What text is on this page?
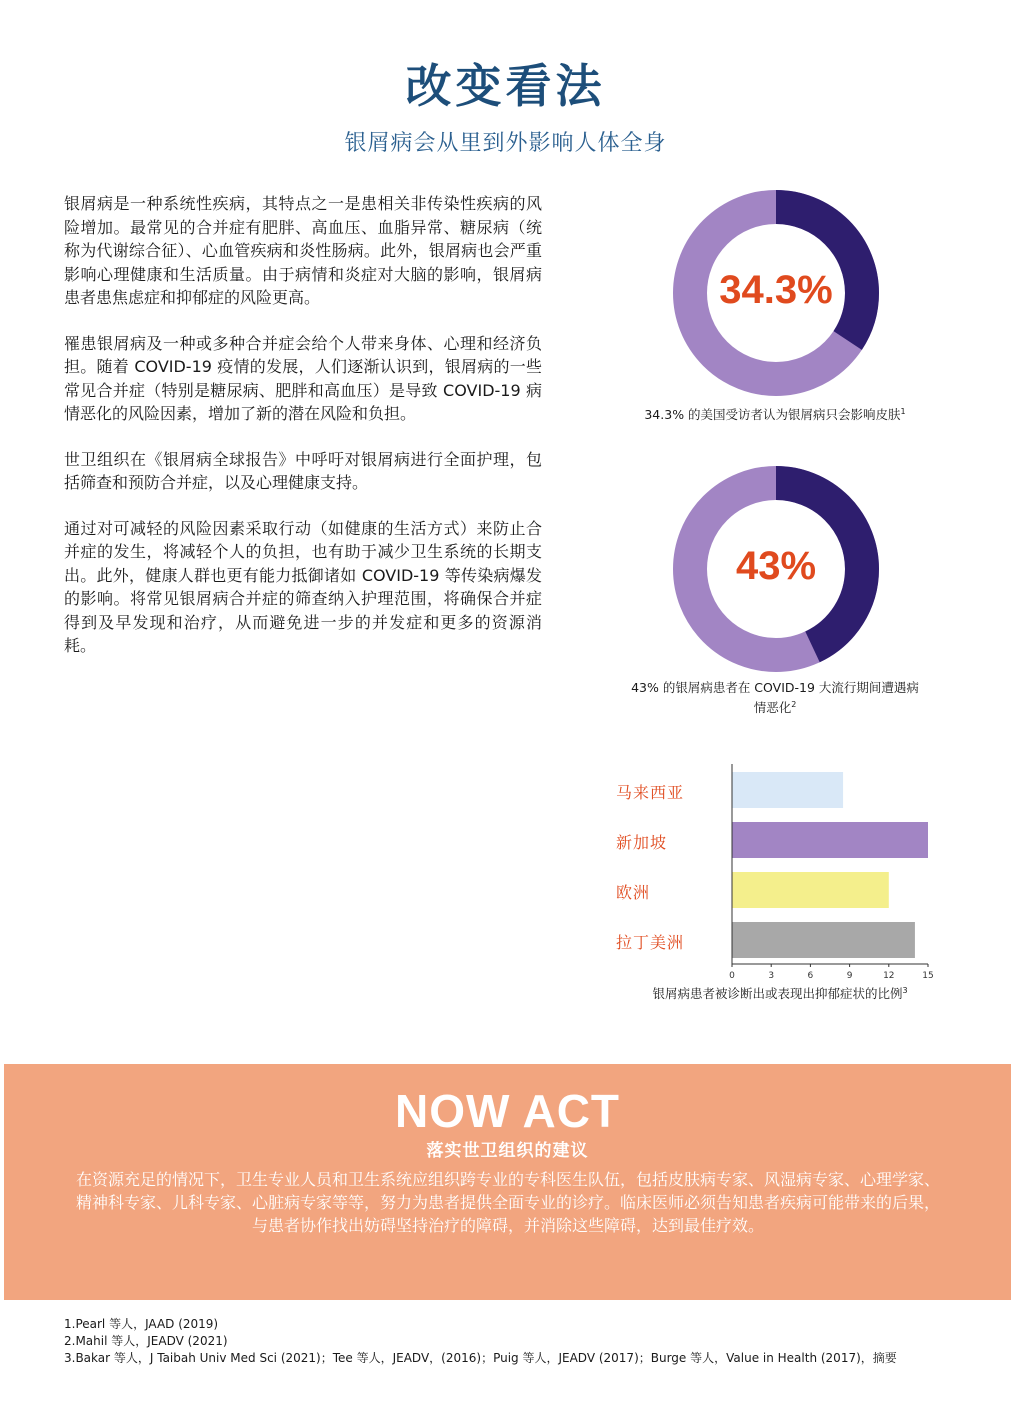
改变看法
银屑病会从里到外影响人体全身

银屑病是一种系统性疾病，其特点之一是患相关非传染性疾病的风险增加。最常见的合并症有肥胖、高血压、血脂异常、糖尿病（统称为代谢综合征）、心血管疾病和炎性肠病。此外，银屑病也会严重影响心理健康和生活质量。由于病情和炎症对大脑的影响，银屑病患者患焦虑症和抑郁症的风险更高。

罹患银屑病及一种或多种合并症会给个人带来身体、心理和经济负担。随着 COVID-19 疫情的发展，人们逐渐认识到，银屑病的一些常见合并症（特别是糖尿病、肥胖和高血压）是导致 COVID-19 病情恶化的风险因素，增加了新的潜在风险和负担。

世卫组织在《银屑病全球报告》中呼吁对银屑病进行全面护理，包括筛查和预防合并症，以及心理健康支持。

通过对可减轻的风险因素采取行动（如健康的生活方式）来防止合并症的发生，将减轻个人的负担，也有助于减少卫生系统的长期支出。此外，健康人群也更有能力抵御诸如 COVID-19 等传染病爆发的影响。将常见银屑病合并症的筛查纳入护理范围，将确保合并症得到及早发现和治疗，从而避免进一步的并发症和更多的资源消耗。

34.3%
34.3% 的美国受访者认为银屑病只会影响皮肤$^1$
43%
43% 的银屑病患者在 COVID-19 大流行期间遭遇病
情恶化$^2$
马来西亚
新加坡
欧洲
拉丁美洲
0	3	6	9	12	15
银屑病患者被诊断出或表现出抑郁症状的比例$^3$
NOW ACT
落实世卫组织的建议
在资源充足的情况下，卫生专业人员和卫生系统应组织跨专业的专科医生队伍，包括皮肤病专家、风湿病专家、心理学家、精神科专家、儿科专家、心脏病专家等等，努力为患者提供全面专业的诊疗。临床医师必须告知患者疾病可能带来的后果，与患者协作找出妨碍坚持治疗的障碍，并消除这些障碍，达到最佳疗效。
1.Pearl 等人，JAAD (2019)
2.Mahil 等人，JEADV (2021)
3.Bakar 等人，J Taibah Univ Med Sci (2021)；Tee 等人，JEADV，(2016)；Puig 等人，JEADV (2017)；Burge 等人，Value in Health (2017)，摘要
